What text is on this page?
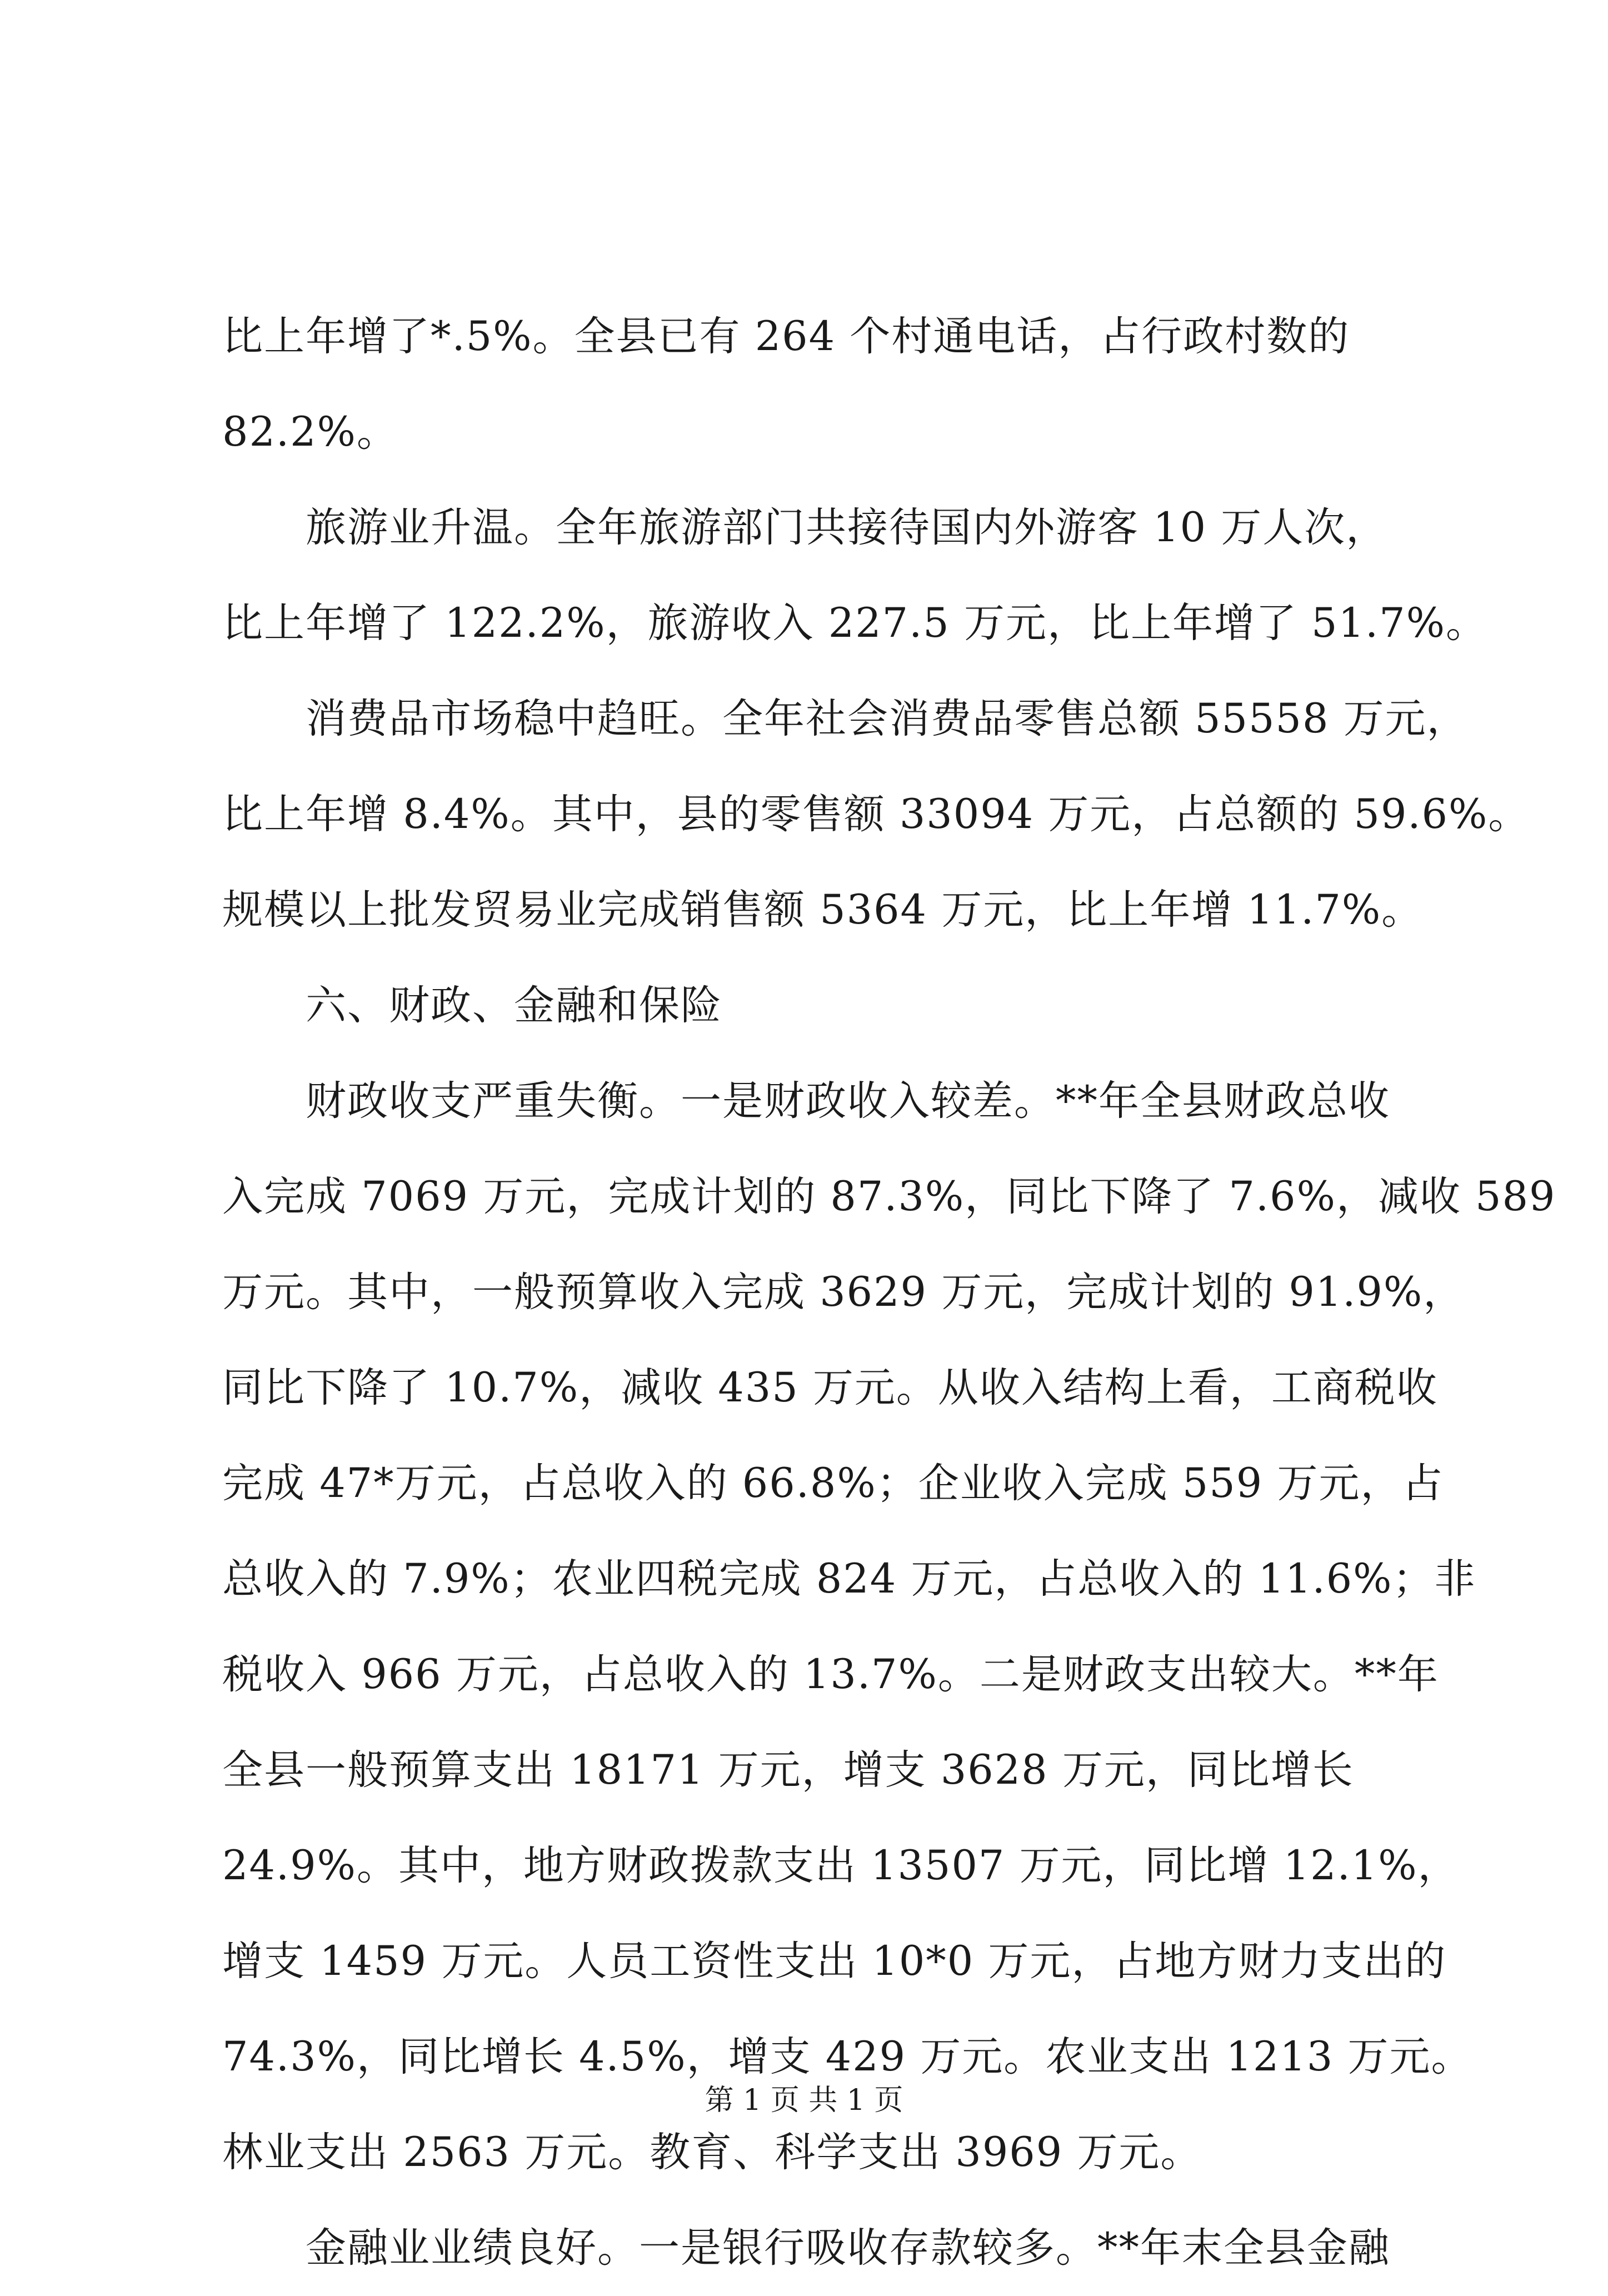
比上年增了*.5%。全县已有 264 个村通电话，占行政村数的
82.2%。
旅游业升温。全年旅游部门共接待国内外游客 10 万人次，
比上年增了 122.2%，旅游收入 227.5 万元，比上年增了 51.7%。
消费品市场稳中趋旺。全年社会消费品零售总额 55558 万元，
比上年增 8.4%。其中，县的零售额 33094 万元，占总额的 59.6%。
规模以上批发贸易业完成销售额 5364 万元，比上年增 11.7%。
六、财政、金融和保险
财政收支严重失衡。一是财政收入较差。**年全县财政总收
入完成 7069 万元，完成计划的 87.3%，同比下降了 7.6%，减收 589
万元。其中，一般预算收入完成 3629 万元，完成计划的 91.9%，
同比下降了 10.7%，减收 435 万元。从收入结构上看，工商税收
完成 47*万元，占总收入的 66.8%；企业收入完成 559 万元，占
总收入的 7.9%；农业四税完成 824 万元，占总收入的 11.6%；非
税收入 966 万元，占总收入的 13.7%。二是财政支出较大。**年
全县一般预算支出 18171 万元，增支 3628 万元，同比增长
24.9%。其中，地方财政拨款支出 13507 万元，同比增 12.1%，
增支 1459 万元。人员工资性支出 10*0 万元，占地方财力支出的
74.3%，同比增长 4.5%，增支 429 万元。农业支出 1213 万元。
林业支出 2563 万元。教育、科学支出 3969 万元。
金融业业绩良好。一是银行吸收存款较多。**年末全县金融
第 1 页 共 1 页
